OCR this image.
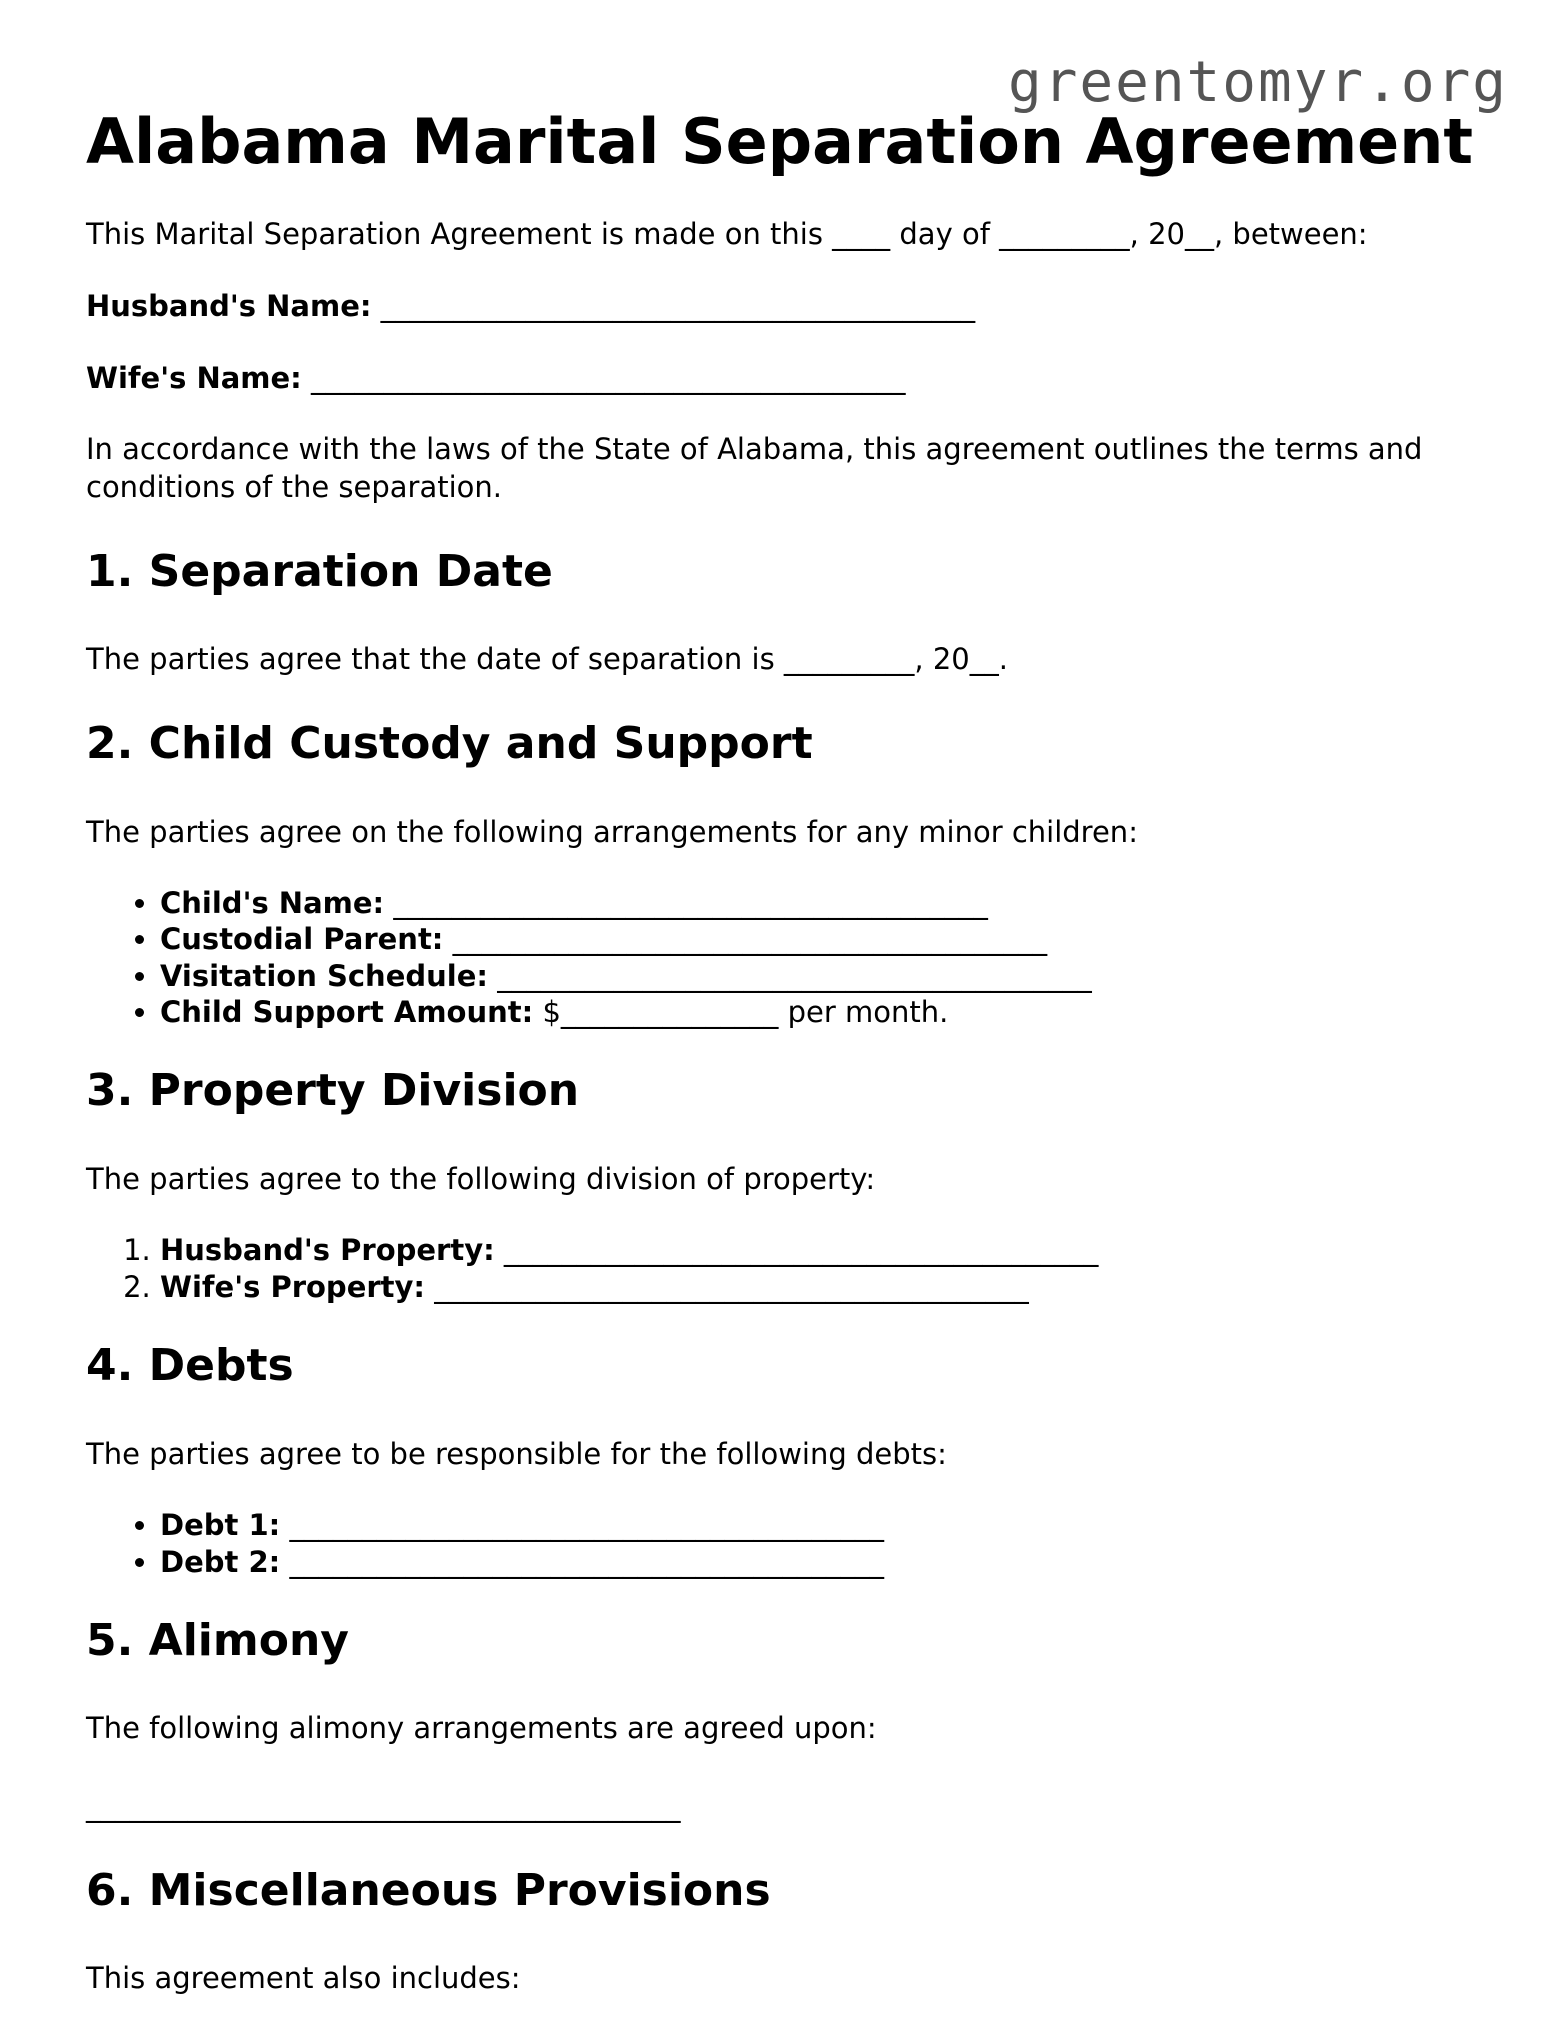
greentomyr.org
Alabama Marital Separation Agreement

This Marital Separation Agreement is made on this ____ day of _________, 20__, between:

Husband's Name: _________________________________________
Wife's Name: _________________________________________

In accordance with the laws of the State of Alabama, this agreement outlines the terms and conditions of the separation.

1. Separation Date

The parties agree that the date of separation is _________, 20__.

2. Child Custody and Support

The parties agree on the following arrangements for any minor children:

• Child's Name: _________________________________________
• Custodial Parent: _________________________________________
• Visitation Schedule: _________________________________________
• Child Support Amount: $_______________ per month.
3. Property Division

The parties agree to the following division of property:

1. Husband's Property: _________________________________________
2. Wife's Property: _________________________________________
4. Debts

The parties agree to be responsible for the following debts:

• Debt 1: _________________________________________
• Debt 2: _________________________________________
5. Alimony

The following alimony arrangements are agreed upon:

_________________________________________
6. Miscellaneous Provisions

This agreement also includes:
